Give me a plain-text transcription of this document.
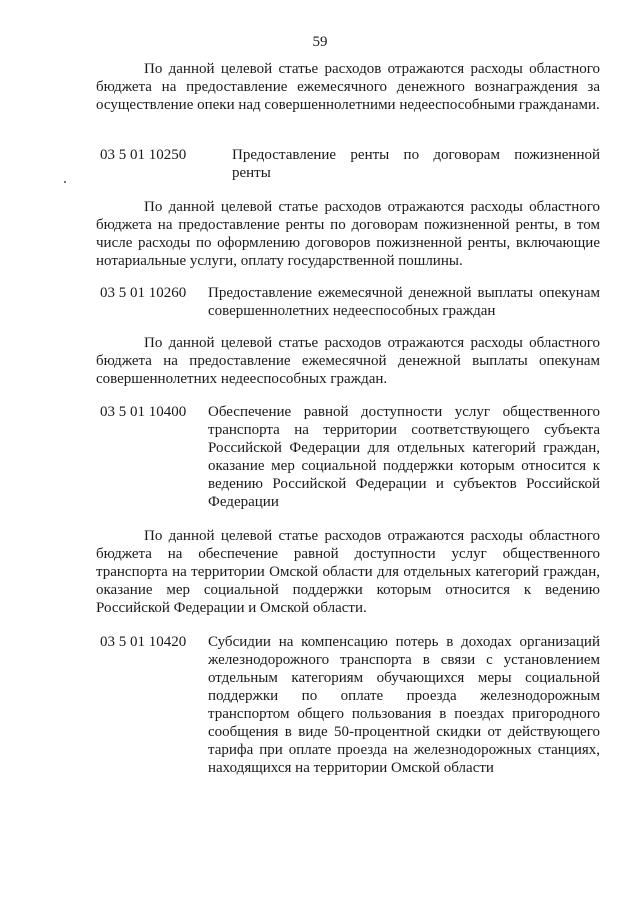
59

По данной целевой статье расходов отражаются расходы областного бюджета на предоставление ежемесячного денежного вознаграждения за осуществление опеки над совершеннолетними недееспособными гражданами.

03 5 01 10250	Предоставление ренты по договорам пожизненной ренты

По данной целевой статье расходов отражаются расходы областного бюджета на предоставление ренты по договорам пожизненной ренты, в том числе расходы по оформлению договоров пожизненной ренты, включающие нотариальные услуги, оплату государственной пошлины.

03 5 01 10260 Предоставление ежемесячной денежной выплаты опекунам совершеннолетних недееспособных граждан

По данной целевой статье расходов отражаются расходы областного бюджета на предоставление ежемесячной денежной выплаты опекунам совершеннолетних недееспособных граждан.

03 5 01 10400 Обеспечение равной доступности услуг общественного транспорта на территории соответствующего субъекта Российской Федерации для отдельных категорий граждан, оказание мер социальной поддержки которым относится к ведению Российской Федерации и субъектов Российской Федерации

По данной целевой статье расходов отражаются расходы областного бюджета на обеспечение равной доступности услуг общественного транспорта на территории Омской области для отдельных категорий граждан, оказание мер социальной поддержки которым относится к ведению Российской Федерации и Омской области.

03 5 01 10420 Субсидии на компенсацию потерь в доходах организаций железнодорожного транспорта в связи с установлением отдельным категориям обучающихся меры социальной поддержки по оплате проезда железнодорожным транспортом общего пользования в поездах пригородного сообщения в виде 50-процентной скидки от действующего тарифа при оплате проезда на железнодорожных станциях, находящихся на территории Омской области
